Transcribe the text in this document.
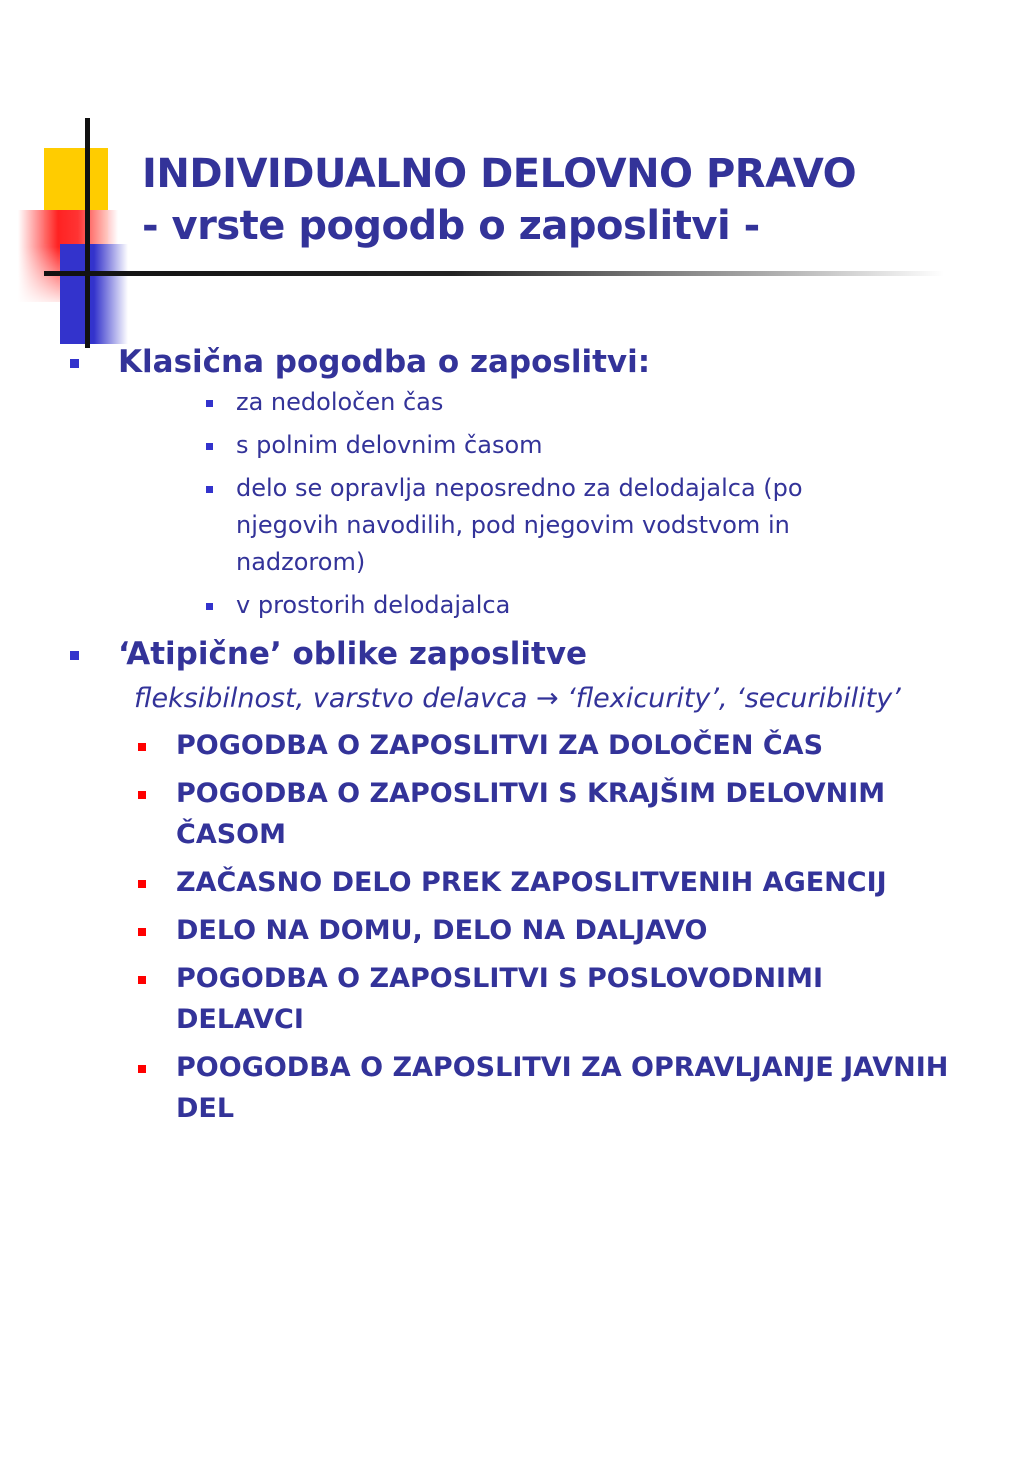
INDIVIDUALNO DELOVNO PRAVO
- vrste pogodb o zaposlitvi -
Klasična pogodba o zaposlitvi:
za nedoločen čas
s polnim delovnim časom
delo se opravlja neposredno za delodajalca (po njegovih navodilih, pod njegovim vodstvom in nadzorom)
v prostorih delodajalca
‘Atipične’ oblike zaposlitve
fleksibilnost, varstvo delavca → ‘flexicurity’, ‘securibility’
POGODBA O ZAPOSLITVI ZA DOLOČEN ČAS
POGODBA O ZAPOSLITVI S KRAJŠIM DELOVNIM ČASOM
ZAČASNO DELO PREK ZAPOSLITVENIH AGENCIJ
DELO NA DOMU, DELO NA DALJAVO
POGODBA O ZAPOSLITVI S POSLOVODNIMI DELAVCI
POOGODBA O ZAPOSLITVI ZA OPRAVLJANJE JAVNIH DEL
